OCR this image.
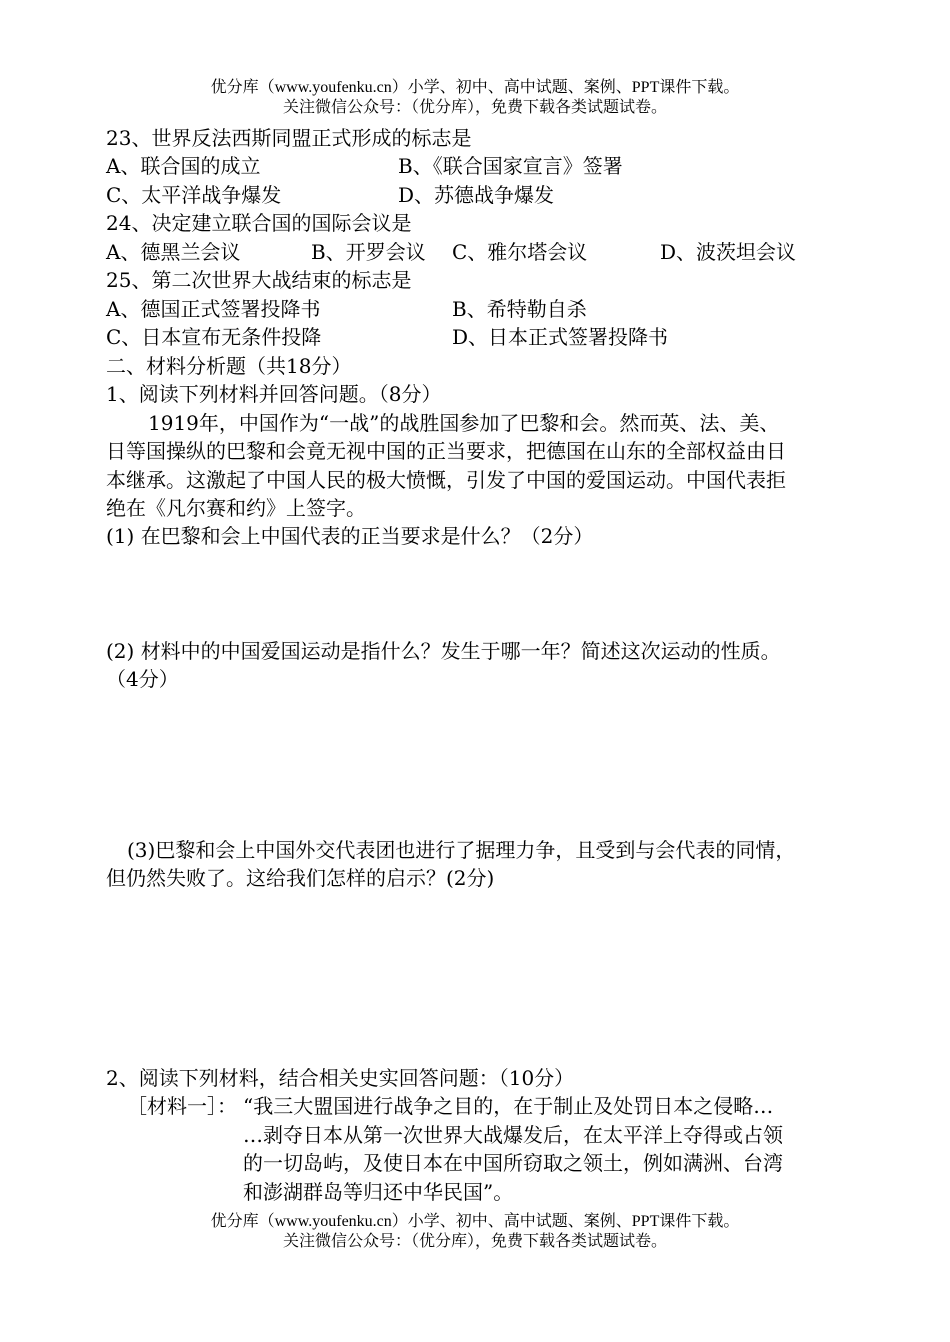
优分库（www.youfenku.cn）小学、初中、高中试题、案例、PPT课件下载。
关注微信公众号：（优分库），免费下载各类试题试卷。
23、世界反法西斯同盟正式形成的标志是
A、联合国的成立	B、《联合国家宣言》签署
C、太平洋战争爆发	D、苏德战争爆发
24、决定建立联合国的国际会议是
A、德黑兰会议	B、开罗会议 C、雅尔塔会议	D、波茨坦会议
25、第二次世界大战结束的标志是
A、德国正式签署投降书	B、希特勒自杀
C、日本宣布无条件投降	D、日本正式签署投降书
二、材料分析题（共18分）
1、阅读下列材料并回答问题。（8分）
1919年，中国作为“一战”的战胜国参加了巴黎和会。然而英、法、美、
日等国操纵的巴黎和会竟无视中国的正当要求，把德国在山东的全部权益由日
本继承。这激起了中国人民的极大愤慨，引发了中国的爱国运动。中国代表拒
绝在《凡尔赛和约》上签字。
(1) 在巴黎和会上中国代表的正当要求是什么？（2分）
(2) 材料中的中国爱国运动是指什么？发生于哪一年？简述这次运动的性质。
（4分）
(3)巴黎和会上中国外交代表团也进行了据理力争，且受到与会代表的同情，
但仍然失败了。这给我们怎样的启示？(2分)
2、阅读下列材料，结合相关史实回答问题：（10分）
［材料一］： “我三大盟国进行战争之目的，在于制止及处罚日本之侵略…
…剥夺日本从第一次世界大战爆发后，在太平洋上夺得或占领
的一切岛屿，及使日本在中国所窃取之领土，例如满洲、台湾
和澎湖群岛等归还中华民国”。
优分库（www.youfenku.cn）小学、初中、高中试题、案例、PPT课件下载。
关注微信公众号：（优分库），免费下载各类试题试卷。
